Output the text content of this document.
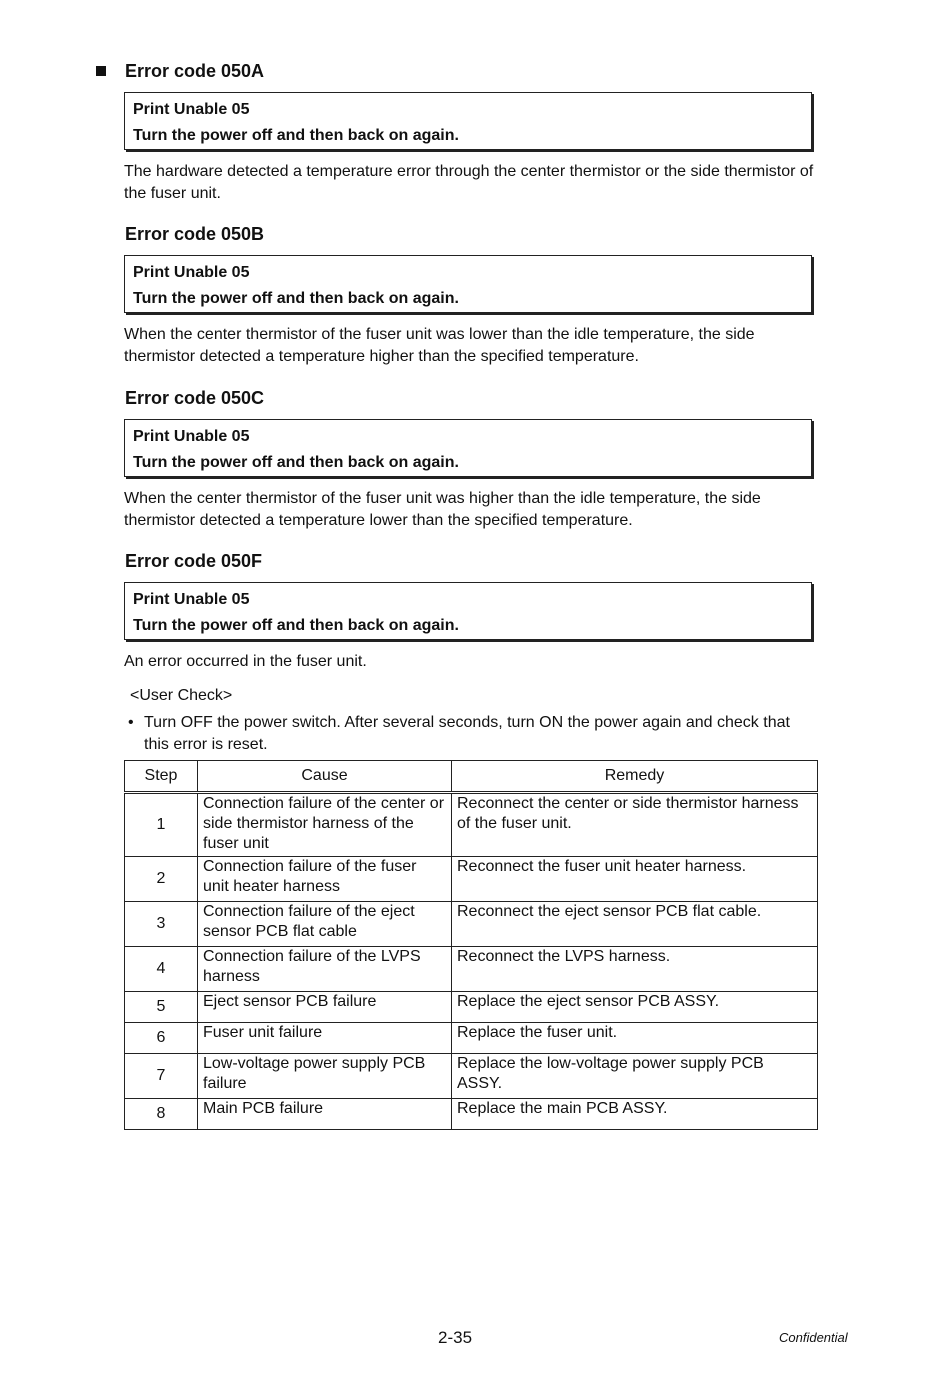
Error code 050A
Print Unable 05
Turn the power off and then back on again.

The hardware detected a temperature error through the center thermistor or the side thermistor of the fuser unit.

Error code 050B
Print Unable 05
Turn the power off and then back on again.

When the center thermistor of the fuser unit was lower than the idle temperature, the side thermistor detected a temperature higher than the specified temperature.

Error code 050C
Print Unable 05
Turn the power off and then back on again.

When the center thermistor of the fuser unit was higher than the idle temperature, the side thermistor detected a temperature lower than the specified temperature.

Error code 050F
Print Unable 05
Turn the power off and then back on again.

An error occurred in the fuser unit.

<User Check>
• Turn OFF the power switch. After several seconds, turn ON the power again and check that this error is reset.
Step	Cause	Remedy
1	Connection failure of the center or side thermistor harness of the fuser unit	Reconnect the center or side thermistor harness of the fuser unit.
2	Connection failure of the fuser unit heater harness	Reconnect the fuser unit heater harness.
3	Connection failure of the eject sensor PCB flat cable	Reconnect the eject sensor PCB flat cable.
4	Connection failure of the LVPS harness	Reconnect the LVPS harness.
5	Eject sensor PCB failure	Replace the eject sensor PCB ASSY.
6	Fuser unit failure	Replace the fuser unit.
7	Low-voltage power supply PCB failure	Replace the low-voltage power supply PCB ASSY.
8	Main PCB failure	Replace the main PCB ASSY.
2-35	Confidential
